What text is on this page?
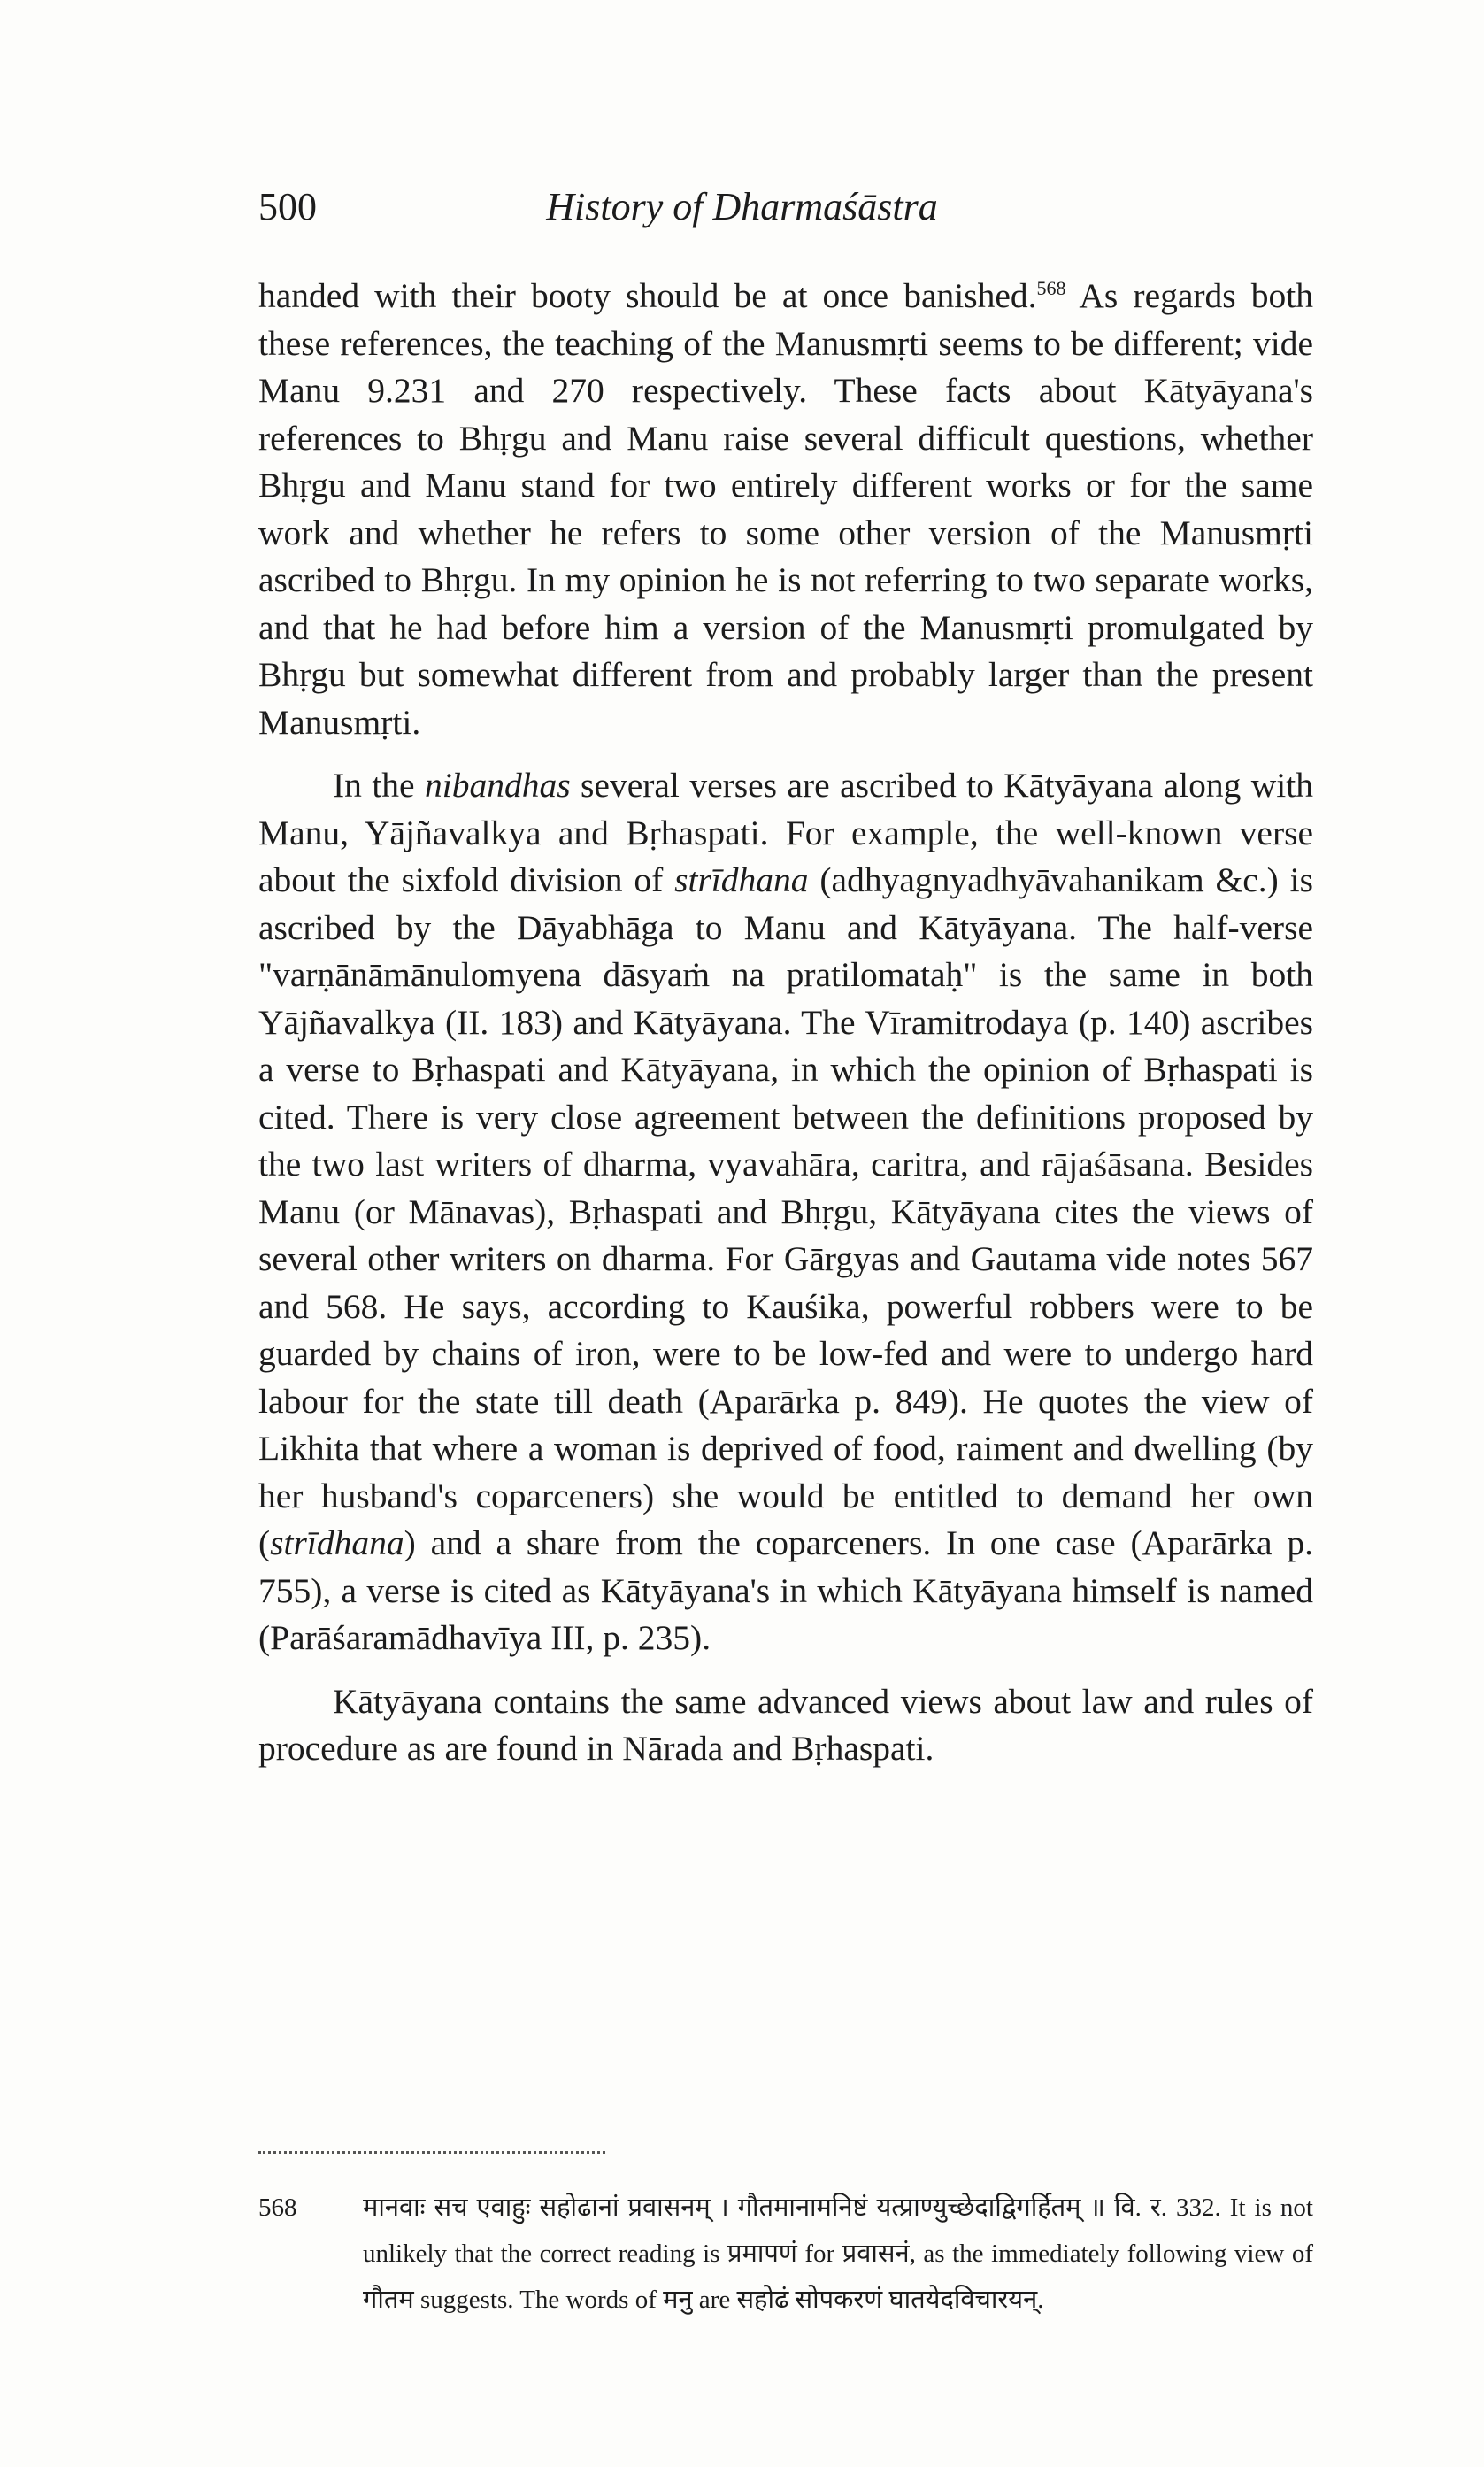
500	History of Dharmaśāstra

handed with their booty should be at once banished.$^{568}$ As regards both these references, the teaching of the Manusmṛti seems to be different; vide Manu 9.231 and 270 respectively. These facts about Kātyāyana's references to Bhṛgu and Manu raise several difficult questions, whether Bhṛgu and Manu stand for two entirely different works or for the same work and whether he refers to some other version of the Manusmṛti ascribed to Bhṛgu. In my opinion he is not referring to two separate works, and that he had before him a version of the Manusmṛti promulgated by Bhṛgu but somewhat different from and probably larger than the present Manusmṛti.

In the nibandhas several verses are ascribed to Kātyāyana along with Manu, Yājñavalkya and Bṛhaspati. For example, the well-known verse about the sixfold division of strīdhana (adhyagnyadhyāvahanikam &c.) is ascribed by the Dāyabhāga to Manu and Kātyāyana. The half-verse "varṇānāmānulomyena dāsyaṁ na pratilomataḥ" is the same in both Yājñavalkya (II. 183) and Kātyāyana. The Vīramitrodaya (p. 140) ascribes a verse to Bṛhaspati and Kātyāyana, in which the opinion of Bṛhaspati is cited. There is very close agreement between the definitions proposed by the two last writers of dharma, vyavahāra, caritra, and rājaśāsana. Besides Manu (or Mānavas), Bṛhaspati and Bhṛgu, Kātyāyana cites the views of several other writers on dharma. For Gārgyas and Gautama vide notes 567 and 568. He says, according to Kauśika, powerful robbers were to be guarded by chains of iron, were to be low-fed and were to undergo hard labour for the state till death (Aparārka p. 849). He quotes the view of Likhita that where a woman is deprived of food, raiment and dwelling (by her husband's coparceners) she would be entitled to demand her own (strīdhana) and a share from the coparceners. In one case (Aparārka p. 755), a verse is cited as Kātyāyana's in which Kātyāyana himself is named (Parāśaramādhavīya III, p. 235).

Kātyāyana contains the same advanced views about law and rules of procedure as are found in Nārada and Bṛhaspati.

568	मानवाः सच एवाहुः सहोढानां प्रवासनम् । गौतमानामनिष्टं यत्प्राण्युच्छेदाद्विगर्हितम् ॥ वि. र. 332. It is not unlikely that the correct reading is प्रमापणं for प्रवासनं, as the immediately following view of गौतम suggests. The words of मनु are सहोढं सोपकरणं घातयेदविचारयन्.
